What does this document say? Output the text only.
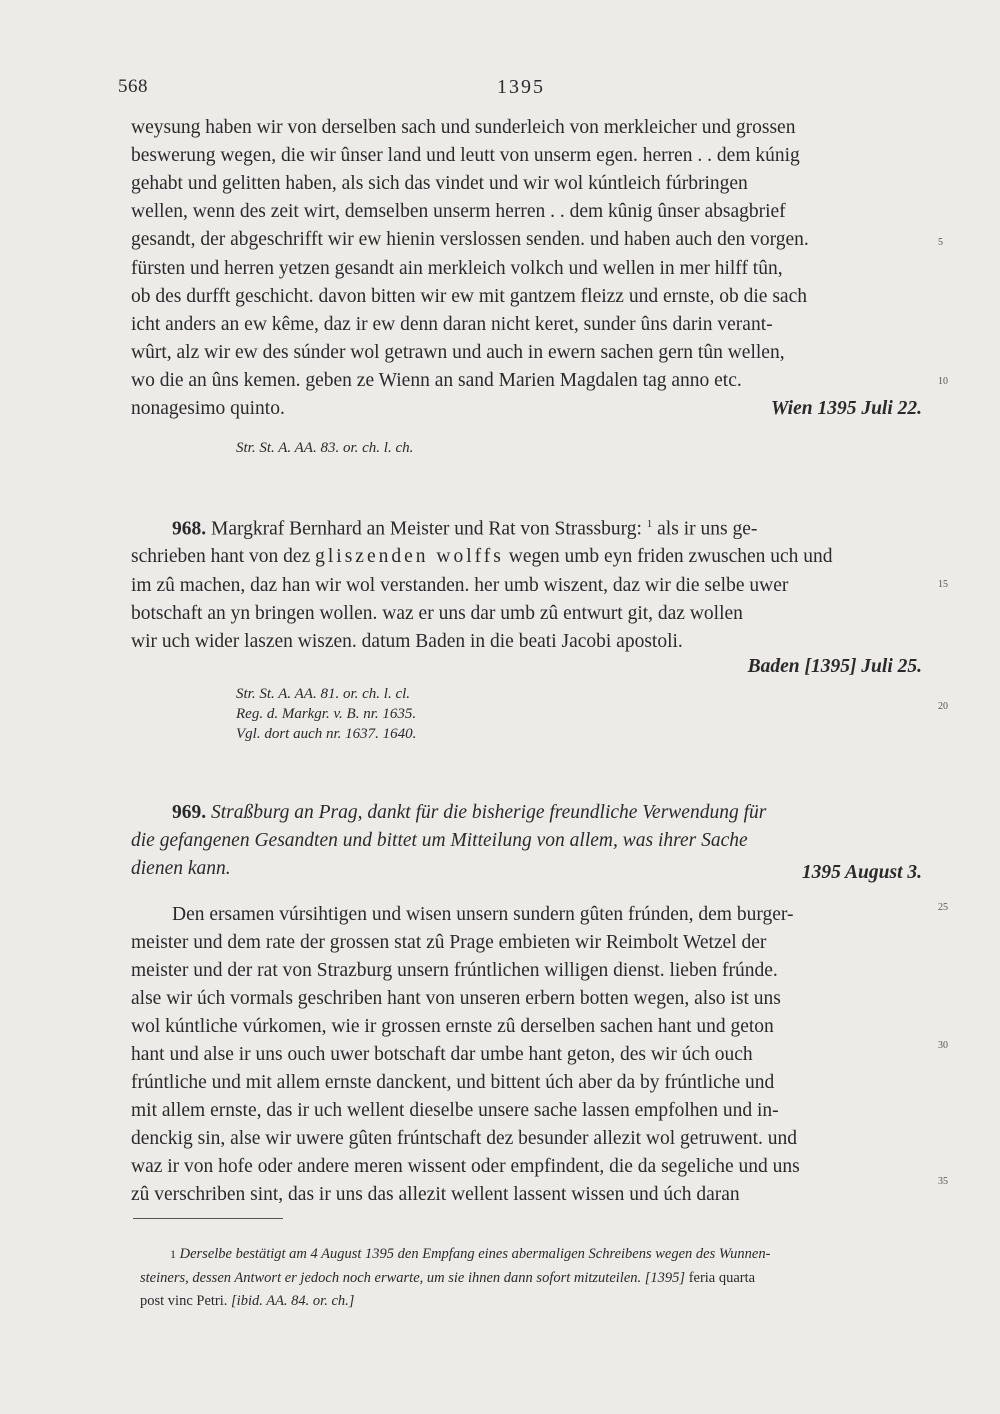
568	1395
weysung haben wir von derselben sach und sunderleich von merkleicher und grossen
beswerung wegen, die wir ûnser land und leutt von unserm egen. herren . . dem kúnig
gehabt und gelitten haben, als sich das vindet und wir wol kúntleich fúrbringen
wellen, wenn des zeit wirt, demselben unserm herren . . dem kûnig ûnser absagbrief
gesandt, der abgeschrifft wir ew hienin verslossen senden. und haben auch den vorgen.
fürsten und herren yetzen gesandt ain merkleich volkch und wellen in mer hilff tûn,
ob des durfft geschicht. davon bitten wir ew mit gantzem fleizz und ernste, ob die sach
icht anders an ew kême, daz ir ew denn daran nicht keret, sunder ûns darin verant-
wûrt, alz wir ew des súnder wol getrawn und auch in ewern sachen gern tûn wellen,
wo die an ûns kemen. geben ze Wienn an sand Marien Magdalen tag anno etc.
nonagesimo quinto.	Wien 1395 Juli 22.
Str. St. A. AA. 83. or. ch. l. ch.
968. Margkraf Bernhard an Meister und Rat von Strassburg: $^1$ als ir uns ge-
schrieben hant von dez gliszenden wolffs wegen umb eyn friden zwuschen uch und
im zû machen, daz han wir wol verstanden. her umb wiszent, daz wir die selbe uwer
botschaft an yn bringen wollen. waz er uns dar umb zû entwurt git, daz wollen
wir uch wider laszen wiszen. datum Baden in die beati Jacobi apostoli.
Baden [1395] Juli 25.
Str. St. A. AA. 81. or. ch. l. cl.
Reg. d. Markgr. v. B. nr. 1635.
Vgl. dort auch nr. 1637. 1640.
969. Straßburg an Prag, dankt für die bisherige freundliche Verwendung für
die gefangenen Gesandten und bittet um Mitteilung von allem, was ihrer Sache
dienen kann.	1395 August 3.
Den ersamen vúrsihtigen und wisen unsern sundern gûten frúnden, dem burger-
meister und dem rate der grossen stat zû Prage embieten wir Reimbolt Wetzel der
meister und der rat von Strazburg unsern frúntlichen willigen dienst. lieben frúnde.
alse wir úch vormals geschriben hant von unseren erbern botten wegen, also ist uns
wol kúntliche vúrkomen, wie ir grossen ernste zû derselben sachen hant und geton
hant und alse ir uns ouch uwer botschaft dar umbe hant geton, des wir úch ouch
frúntliche und mit allem ernste danckent, und bittent úch aber da by frúntliche und
mit allem ernste, das ir uch wellent dieselbe unsere sache lassen empfolhen und in-
denckig sin, alse wir uwere gûten frúntschaft dez besunder allezit wol getruwent. und
waz ir von hofe oder andere meren wissent oder empfindent, die da segeliche und uns
zû verschriben sint, das ir uns das allezit wellent lassent wissen und úch daran
1 Derselbe bestätigt am 4 August 1395 den Empfang eines abermaligen Schreibens wegen des Wunnen-
steiners, dessen Antwort er jedoch noch erwarte, um sie ihnen dann sofort mitzuteilen. [1395] feria quarta
post vinc Petri. [ibid. AA. 84. or. ch.]
5
10
15
20
25
30
35
